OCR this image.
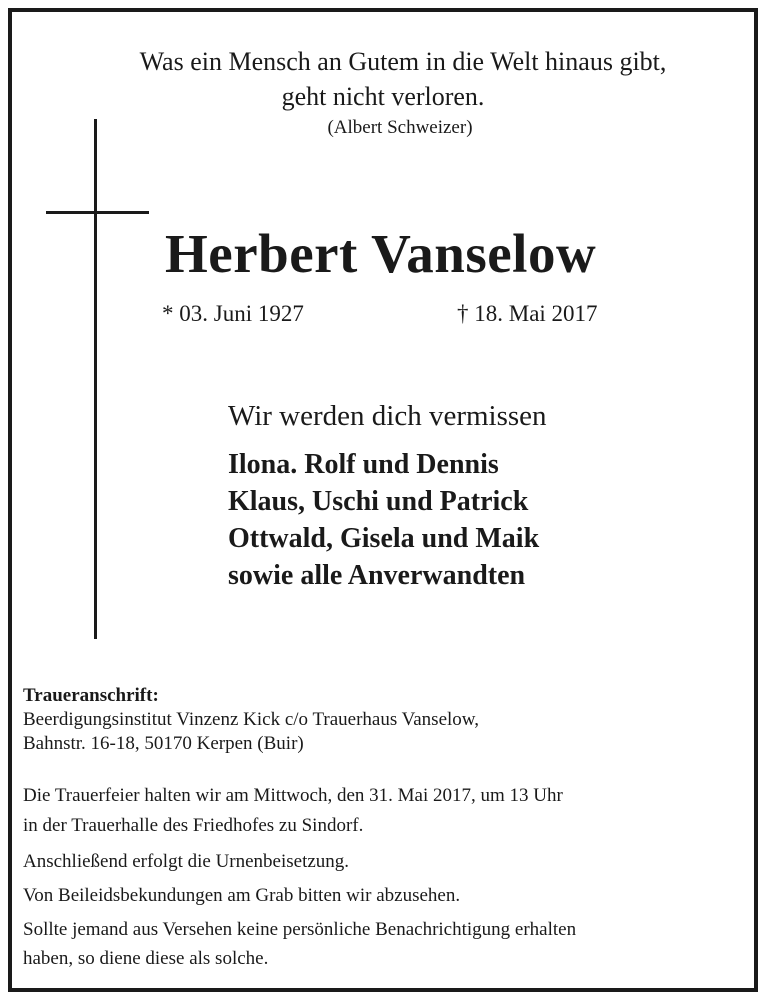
Was ein Mensch an Gutem in die Welt hinaus gibt,
geht nicht verloren.
(Albert Schweizer)
Herbert Vanselow
* 03. Juni 1927	† 18. Mai 2017
Wir werden dich vermissen
Ilona. Rolf und Dennis
Klaus, Uschi und Patrick
Ottwald, Gisela und Maik
sowie alle Anverwandten
Traueranschrift:
Beerdigungsinstitut Vinzenz Kick c/o Trauerhaus Vanselow,
Bahnstr. 16-18, 50170 Kerpen (Buir)
Die Trauerfeier halten wir am Mittwoch, den 31. Mai 2017, um 13 Uhr
in der Trauerhalle des Friedhofes zu Sindorf.
Anschließend erfolgt die Urnenbeisetzung.
Von Beileidsbekundungen am Grab bitten wir abzusehen.
Sollte jemand aus Versehen keine persönliche Benachrichtigung erhalten
haben, so diene diese als solche.
